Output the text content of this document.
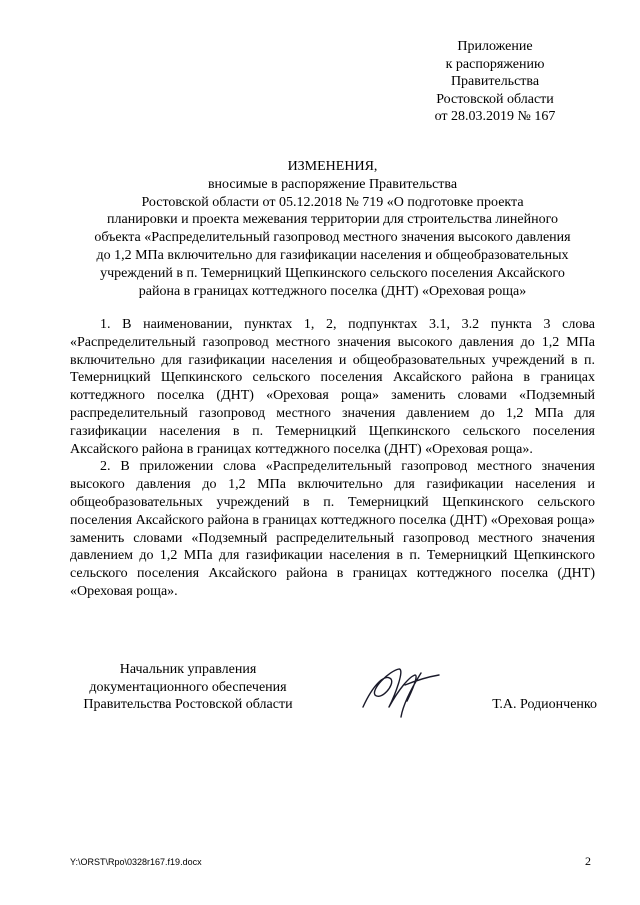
Приложение
к распоряжению
Правительства
Ростовской области
от 28.03.2019 № 167
ИЗМЕНЕНИЯ,
вносимые в распоряжение Правительства
Ростовской области от 05.12.2018 № 719 «О подготовке проекта
планировки и проекта межевания территории для строительства линейного
объекта «Распределительный газопровод местного значения высокого давления
до 1,2 МПа включительно для газификации населения и общеобразовательных
учреждений в п. Темерницкий Щепкинского сельского поселения Аксайского
района в границах коттеджного поселка (ДНТ) «Ореховая роща»

1. В наименовании, пунктах 1, 2, подпунктах 3.1, 3.2 пункта 3 слова «Распределительный газопровод местного значения высокого давления до 1,2 МПа включительно для газификации населения и общеобразовательных учреждений в п. Темерницкий Щепкинского сельского поселения Аксайского района в границах коттеджного поселка (ДНТ) «Ореховая роща» заменить словами «Подземный распределительный газопровод местного значения давлением до 1,2 МПа для газификации населения в п. Темерницкий Щепкинского сельского поселения Аксайского района в границах коттеджного поселка (ДНТ) «Ореховая роща».

2. В приложении слова «Распределительный газопровод местного значения высокого давления до 1,2 МПа включительно для газификации населения и общеобразовательных учреждений в п. Темерницкий Щепкинского сельского поселения Аксайского района в границах коттеджного поселка (ДНТ) «Ореховая роща» заменить словами «Подземный распределительный газопровод местного значения давлением до 1,2 МПа для газификации населения в п. Темерницкий Щепкинского сельского поселения Аксайского района в границах коттеджного поселка (ДНТ) «Ореховая роща».

Начальник управления
документационного обеспечения
Правительства Ростовской области	Т.А. Родионченко
Y:\ORST\Rpo\0328r167.f19.docx	2
